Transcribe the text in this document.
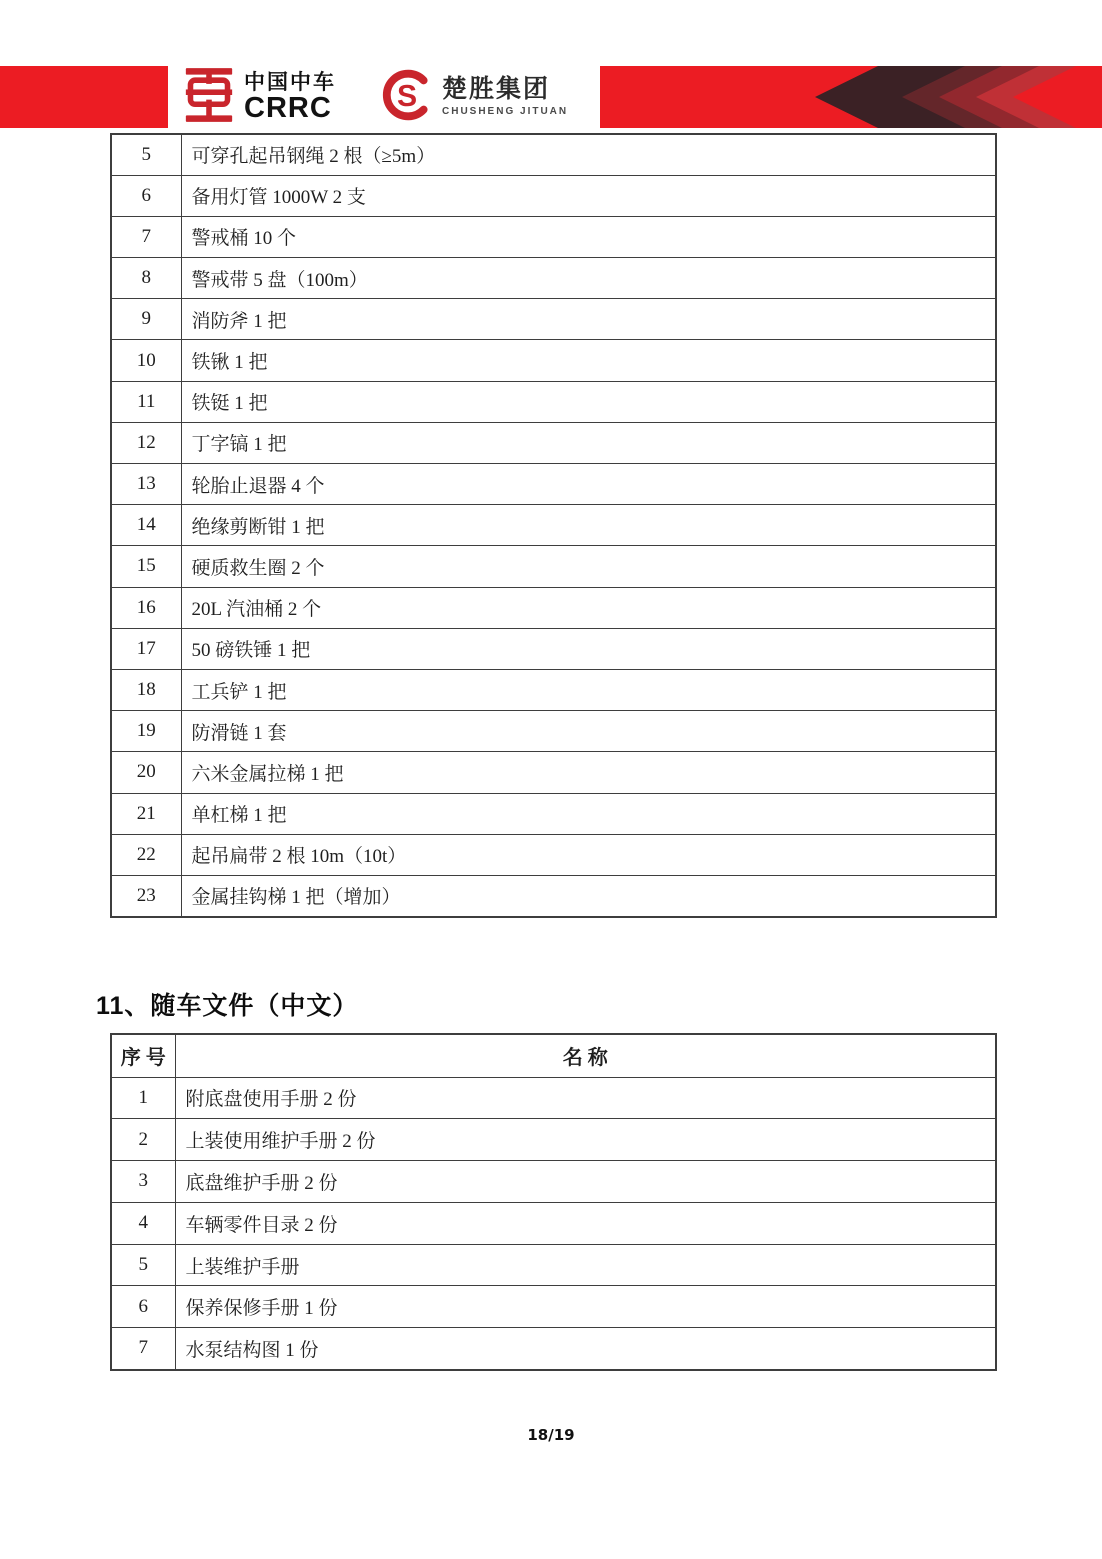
中国中车
CRRC S 楚胜集团
CHUSHENG JITUAN
5	可穿孔起吊钢绳 2 根（≥5m）
6	备用灯管 1000W 2 支
7	警戒桶 10 个
8	警戒带 5 盘（100m）
9	消防斧 1 把
10	铁锹 1 把
11	铁铤 1 把
12	丁字镐 1 把
13	轮胎止退器 4 个
14	绝缘剪断钳 1 把
15	硬质救生圈 2 个
16	20L 汽油桶 2 个
17	50 磅铁锤 1 把
18	工兵铲 1 把
19	防滑链 1 套
20	六米金属拉梯 1 把
21	单杠梯 1 把
22	起吊扁带 2 根 10m（10t）
23	金属挂钩梯 1 把（增加）
11、随车文件（中文）
序 号	名 称
1	附底盘使用手册 2 份
2	上装使用维护手册 2 份
3	底盘维护手册 2 份
4	车辆零件目录 2 份
5	上装维护手册
6	保养保修手册 1 份
7	水泵结构图 1 份
18/19
